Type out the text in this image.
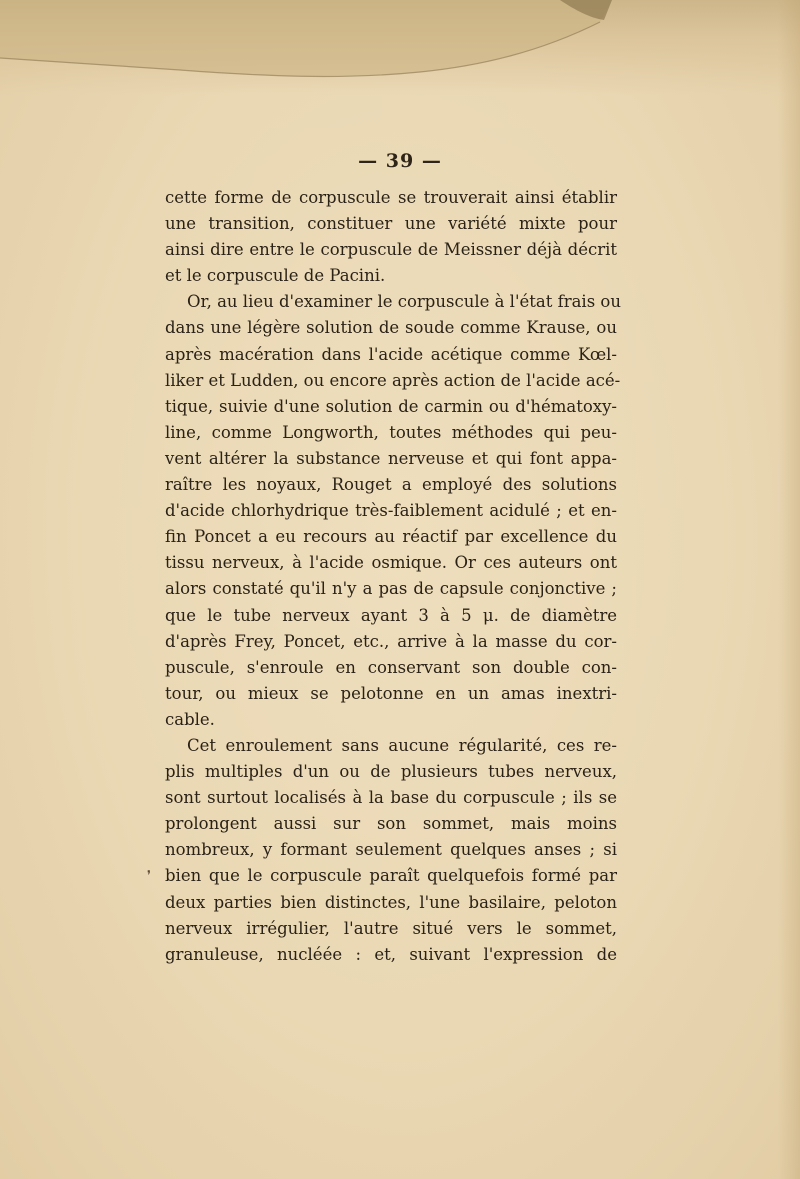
— 39 —
cette forme de corpuscule se trouverait ainsi établir
une transition, constituer une variété mixte pour
ainsi dire entre le corpuscule de Meissner déjà décrit
et le corpuscule de Pacini.
Or, au lieu d'examiner le corpuscule à l'état frais ou
dans une légère solution de soude comme Krause, ou
après macération dans l'acide acétique comme Kœl-
liker et Ludden, ou encore après action de l'acide acé-
tique, suivie d'une solution de carmin ou d'hématoxy-
line, comme Longworth, toutes méthodes qui peu-
vent altérer la substance nerveuse et qui font appa-
raître les noyaux, Rouget a employé des solutions
d'acide chlorhydrique très-faiblement acidulé ; et en-
fin Poncet a eu recours au réactif par excellence du
tissu nerveux, à l'acide osmique. Or ces auteurs ont
alors constaté qu'il n'y a pas de capsule conjonctive ;
que le tube nerveux ayant 3 à 5 μ. de diamètre
d'après Frey, Poncet, etc., arrive à la masse du cor-
puscule, s'enroule en conservant son double con-
tour, ou mieux se pelotonne en un amas inextri-
cable.
Cet enroulement sans aucune régularité, ces re-
plis multiples d'un ou de plusieurs tubes nerveux,
sont surtout localisés à la base du corpuscule ; ils se
prolongent aussi sur son sommet, mais moins
nombreux, y formant seulement quelques anses ; si
bien que le corpuscule paraît quelquefois formé par
deux parties bien distinctes, l'une basilaire, peloton
nerveux irrégulier, l'autre situé vers le sommet,
granuleuse, nucléée : et, suivant l'expression de
❜
